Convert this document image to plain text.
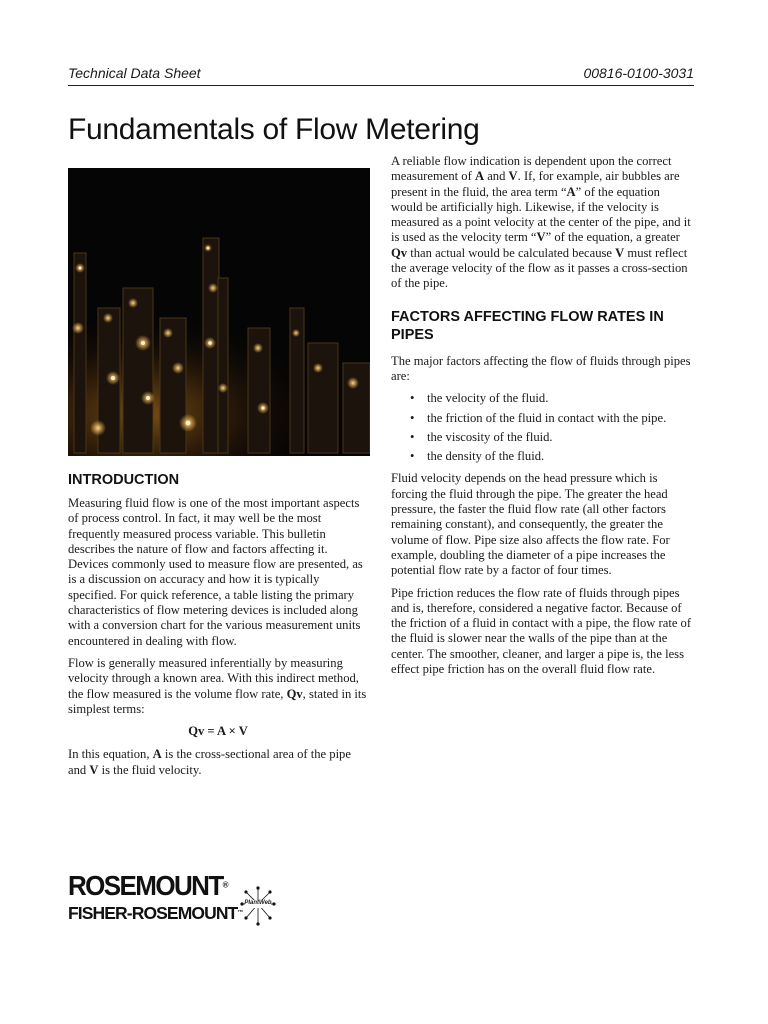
Technical Data Sheet	00816-0100-3031
Fundamentals of Flow Metering
INTRODUCTION

Measuring fluid flow is one of the most important aspects of process control. In fact, it may well be the most frequently measured process variable. This bulletin describes the nature of flow and factors affecting it. Devices commonly used to measure flow are presented, as is a discussion on accuracy and how it is typically specified. For quick reference, a table listing the primary characteristics of flow metering devices is included along with a conversion chart for the various measurement units encountered in dealing with flow.

Flow is generally measured inferentially by measuring velocity through a known area. With this indirect method, the flow measured is the volume flow rate, Qv, stated in its simplest terms:

Qv = A × V

In this equation, A is the cross-sectional area of the pipe and V is the fluid velocity.

A reliable flow indication is dependent upon the correct measurement of A and V. If, for example, air bubbles are present in the fluid, the area term “A” of the equation would be artificially high. Likewise, if the velocity is measured as a point velocity at the center of the pipe, and it is used as the velocity term “V” of the equation, a greater Qv than actual would be calculated because V must reflect the average velocity of the flow as it passes a cross-section of the pipe.

FACTORS AFFECTING FLOW RATES IN PIPES

The major factors affecting the flow of fluids through pipes are:

• the velocity of the fluid.
• the friction of the fluid in contact with the pipe.
• the viscosity of the fluid.
• the density of the fluid.

Fluid velocity depends on the head pressure which is forcing the fluid through the pipe. The greater the head pressure, the faster the fluid flow rate (all other factors remaining constant), and consequently, the greater the volume of flow. Pipe size also affects the flow rate. For example, doubling the diameter of a pipe increases the potential flow rate by a factor of four times.

Pipe friction reduces the flow rate of fluids through pipes and is, therefore, considered a negative factor. Because of the friction of a fluid in contact with a pipe, the flow rate of the fluid is slower near the walls of the pipe than at the center. The smoother, cleaner, and larger a pipe is, the less effect pipe friction has on the overall fluid flow rate.

ROSEMOUNT®
FISHER-ROSEMOUNT™
PlantWeb
